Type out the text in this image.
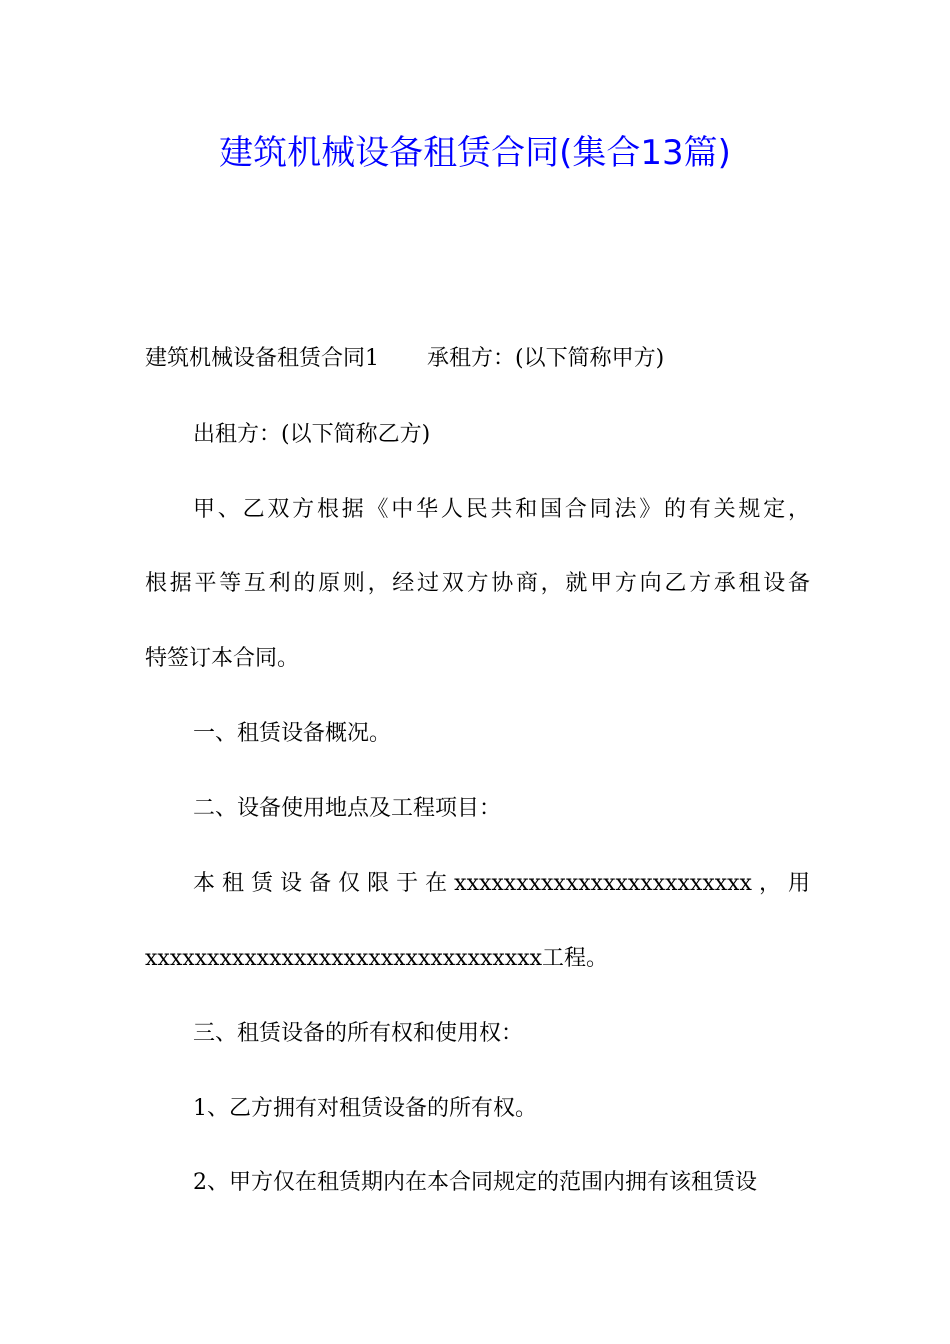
建筑机械设备租赁合同(集合13篇)

建筑机械设备租赁合同1 承租方：(以下简称甲方)

出租方：(以下简称乙方)

甲、乙双方根据《中华人民共和国合同法》的有关规定，

根据平等互利的原则，经过双方协商，就甲方向乙方承租设备

特签订本合同。

一、租赁设备概况。

二、设备使用地点及工程项目：

本租赁设备仅限于在xxxxxxxxxxxxxxxxxxxxxxxx，用

xxxxxxxxxxxxxxxxxxxxxxxxxxxxxxxx工程。

三、租赁设备的所有权和使用权：

1、乙方拥有对租赁设备的所有权。

2、甲方仅在租赁期内在本合同规定的范围内拥有该租赁设
